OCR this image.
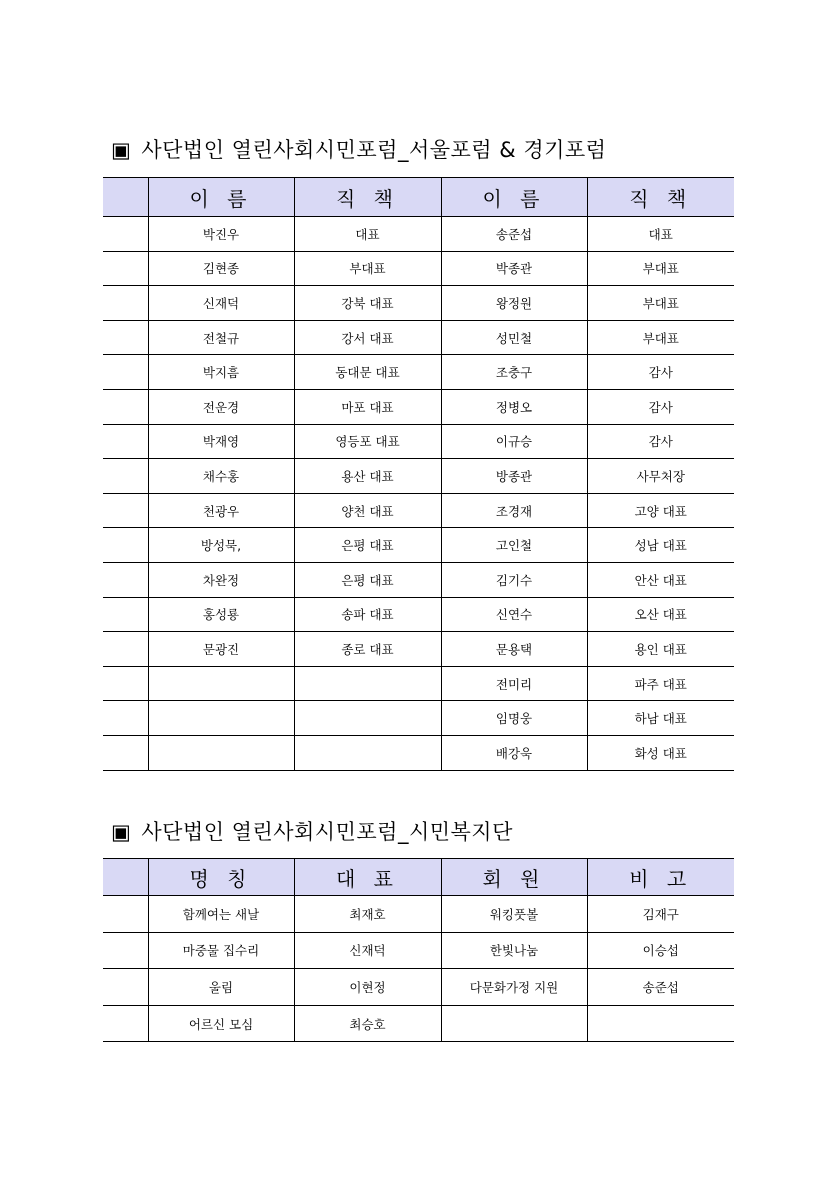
▣ 사단법인 열린사회시민포럼_서울포럼 & 경기포럼
	이 름	직 책	이 름	직 책
	박진우	대표	송준섭	대표
	김현종	부대표	박종관	부대표
	신재덕	강북 대표	왕정원	부대표
	전철규	강서 대표	성민철	부대표
	박지흠	동대문 대표	조충구	감사
	전운경	마포 대표	정병오	감사
	박재영	영등포 대표	이규승	감사
	채수홍	용산 대표	방종관	사무처장
	천광우	양천 대표	조경재	고양 대표
	방성묵,	은평 대표	고인철	성남 대표
	차완정	은평 대표	김기수	안산 대표
	홍성룡	송파 대표	신연수	오산 대표
	문광진	종로 대표	문용택	용인 대표
			전미리	파주 대표
			임명웅	하남 대표
			배강욱	화성 대표
▣ 사단법인 열린사회시민포럼_시민복지단
	명 칭	대 표	회 원	비 고
	함께여는 새날	최재호	워킹풋볼	김재구
	마중물 집수리	신재덕	한빛나눔	이승섭
	울림	이현정	다문화가정 지원	송준섭
	어르신 모심	최승호		
